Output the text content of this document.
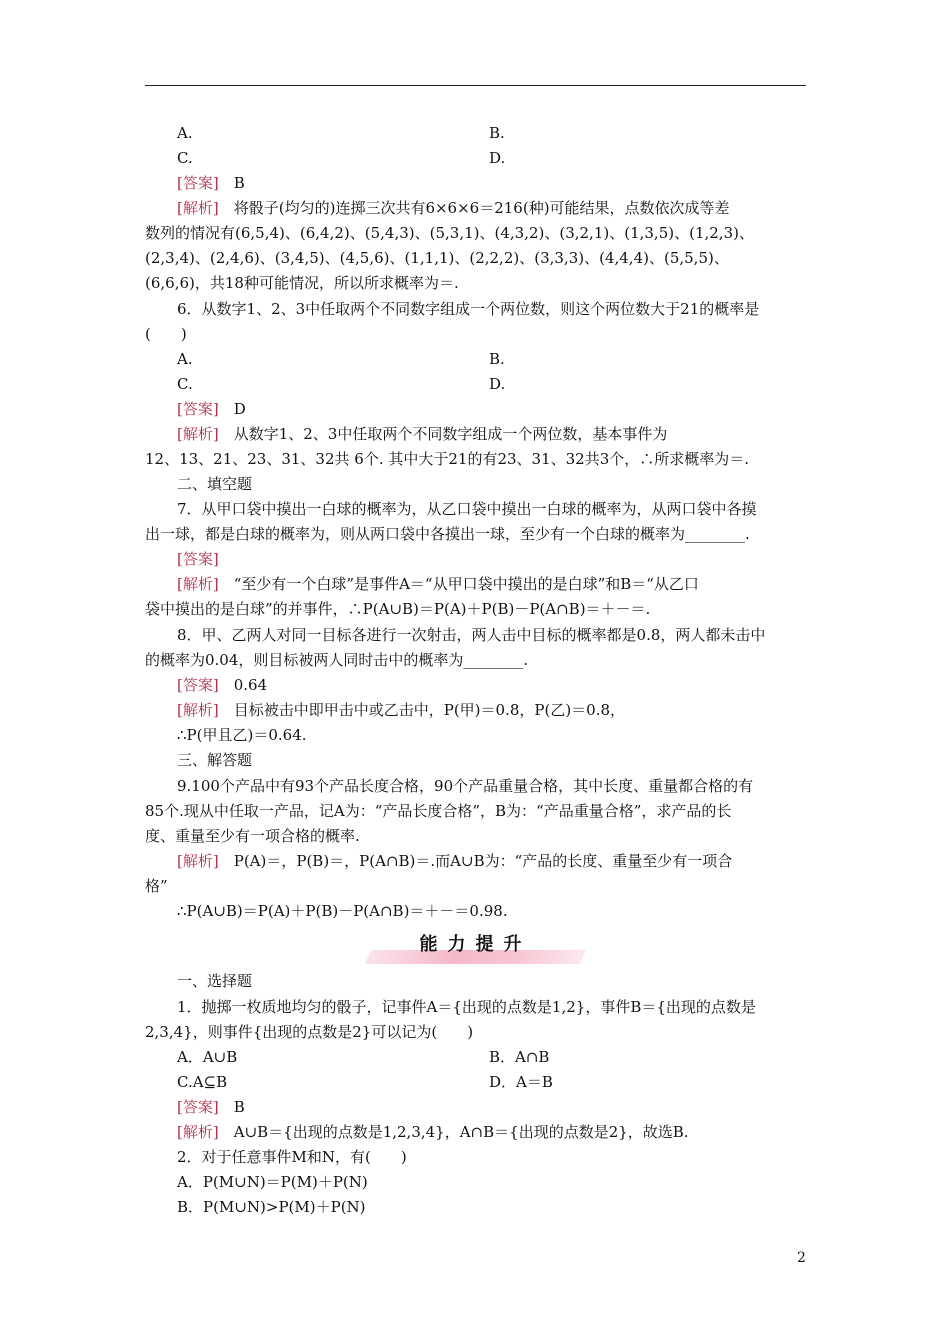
A.	B.
C.	D.
[答案]　 B
[解析]　 将骰子(均匀的)连掷三次共有6×6×6＝216(种)可能结果，点数依次成等差
数列的情况有(6,5,4)、(6,4,2)、(5,4,3)、(5,3,1)、(4,3,2)、(3,2,1)、(1,3,5)、(1,2,3)、
(2,3,4)、(2,4,6)、(3,4,5)、(4,5,6)、(1,1,1)、(2,2,2)、(3,3,3)、(4,4,4)、(5,5,5)、
(6,6,6)，共18种可能情况，所以所求概率为＝.
6．从数字1、2、3中任取两个不同数字组成一个两位数，则这个两位数大于21的概率是
(　　)
A.	B.
C.	D.
[答案]　 D
[解析]　 从数字1、2、3中任取两个不同数字组成一个两位数，基本事件为
12、13、21、23、31、32共 6个. 其中大于21的有23、31、32共3个，∴所求概率为＝.
二、填空题
7．从甲口袋中摸出一白球的概率为，从乙口袋中摸出一白球的概率为，从两口袋中各摸
出一球，都是白球的概率为，则从两口袋中各摸出一球，至少有一个白球的概率为________.
[答案]
[解析]　 “至少有一个白球”是事件A＝“从甲口袋中摸出的是白球”和B＝“从乙口
袋中摸出的是白球”的并事件，∴P(A∪B)＝P(A)＋P(B)－P(A∩B)＝＋－＝.
8．甲、乙两人对同一目标各进行一次射击，两人击中目标的概率都是0.8，两人都未击中
的概率为0.04，则目标被两人同时击中的概率为________.
[答案]　 0.64
[解析]　 目标被击中即甲击中或乙击中，P(甲)＝0.8，P(乙)＝0.8，
∴P(甲且乙)＝0.64.
三、解答题
9.100个产品中有93个产品长度合格，90个产品重量合格，其中长度、重量都合格的有
85个.现从中任取一产品，记A为：“产品长度合格”，B为：“产品重量合格”，求产品的长
度、重量至少有一项合格的概率.
[解析]　 P(A)＝，P(B)＝，P(A∩B)＝.而A∪B为：“产品的长度、重量至少有一项合
格”
∴P(A∪B)＝P(A)＋P(B)－P(A∩B)＝＋－＝0.98.
能力提升
一、选择题
1．抛掷一枚质地均匀的骰子，记事件A＝{出现的点数是1,2}，事件B＝{出现的点数是
2,3,4}，则事件{出现的点数是2}可以记为(　　)
A．A∪B	B．A∩B
C.A⊆B	D．A＝B
[答案]　 B
[解析]　 A∪B＝{出现的点数是1,2,3,4}，A∩B＝{出现的点数是2}，故选B.
2．对于任意事件M和N，有(　　)
A．P(M∪N)＝P(M)＋P(N)
B．P(M∪N)>P(M)＋P(N)
2
